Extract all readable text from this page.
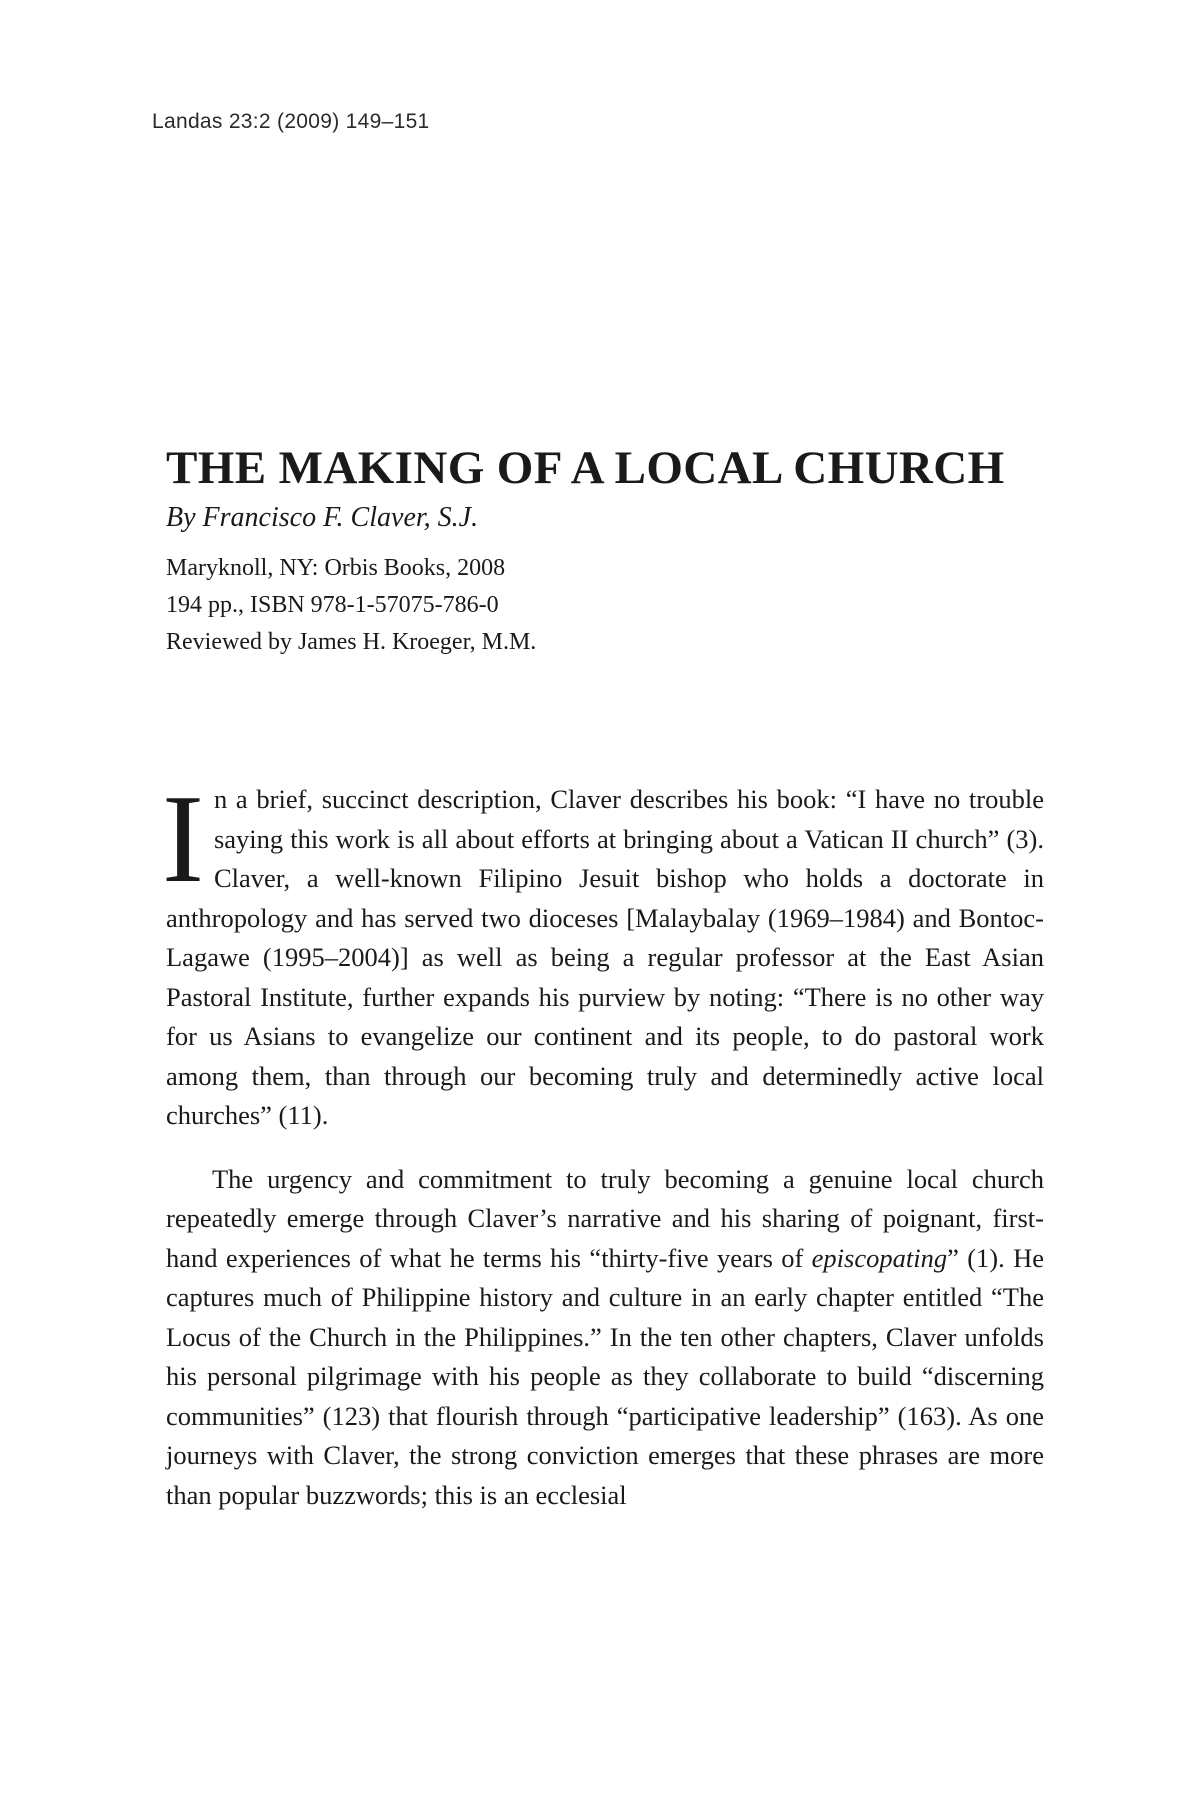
Landas 23:2 (2009) 149–151
THE MAKING OF A LOCAL CHURCH
By Francisco F. Claver, S.J.
Maryknoll, NY: Orbis Books, 2008
194 pp., ISBN 978-1-57075-786-0
Reviewed by James H. Kroeger, M.M.

In a brief, succinct description, Claver describes his book: “I have no trouble saying this work is all about efforts at bringing about a Vatican II church” (3). Claver, a well-known Filipino Jesuit bishop who holds a doctorate in anthropology and has served two dioceses [Malaybalay (1969–1984) and Bontoc-Lagawe (1995–2004)] as well as being a regular professor at the East Asian Pastoral Institute, further expands his purview by noting: “There is no other way for us Asians to evangelize our continent and its people, to do pastoral work among them, than through our becoming truly and determinedly active local churches” (11).

The urgency and commitment to truly becoming a genuine local church repeatedly emerge through Claver’s narrative and his sharing of poignant, first-hand experiences of what he terms his “thirty-five years of episcopating” (1). He captures much of Philippine history and culture in an early chapter entitled “The Locus of the Church in the Philippines.” In the ten other chapters, Claver unfolds his personal pilgrimage with his people as they collaborate to build “discerning communities” (123) that flourish through “participative leadership” (163). As one journeys with Claver, the strong conviction emerges that these phrases are more than popular buzzwords; this is an ecclesial
